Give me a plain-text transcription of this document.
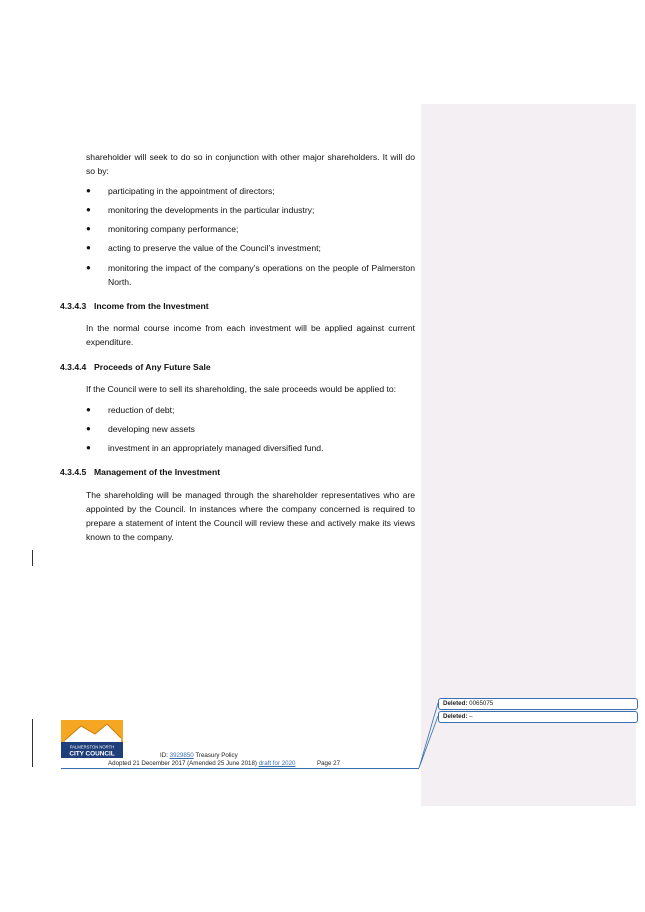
shareholder will seek to do so in conjunction with other major shareholders. It will do so by:
● participating in the appointment of directors;
● monitoring the developments in the particular industry;
● monitoring company performance;
● acting to preserve the value of the Council’s investment;
● monitoring the impact of the company’s operations on the people of Palmerston North.
4.3.4.3 Income from the Investment
In the normal course income from each investment will be applied against current expenditure.
4.3.4.4 Proceeds of Any Future Sale
If the Council were to sell its shareholding, the sale proceeds would be applied to:
● reduction of debt;
● developing new assets
● investment in an appropriately managed diversified fund.
4.3.4.5 Management of the Investment
The shareholding will be managed through the shareholder representatives who are appointed by the Council. In instances where the company concerned is required to prepare a statement of intent the Council will review these and actively make its views known to the company.
PALMERSTON NORTH
CITY COUNCIL	ID: 3929850 Treasury Policy
Adopted 21 December 2017 (Amended 25 June 2018) draft for 2020	Page 27
Deleted: 0065075
Deleted: –
